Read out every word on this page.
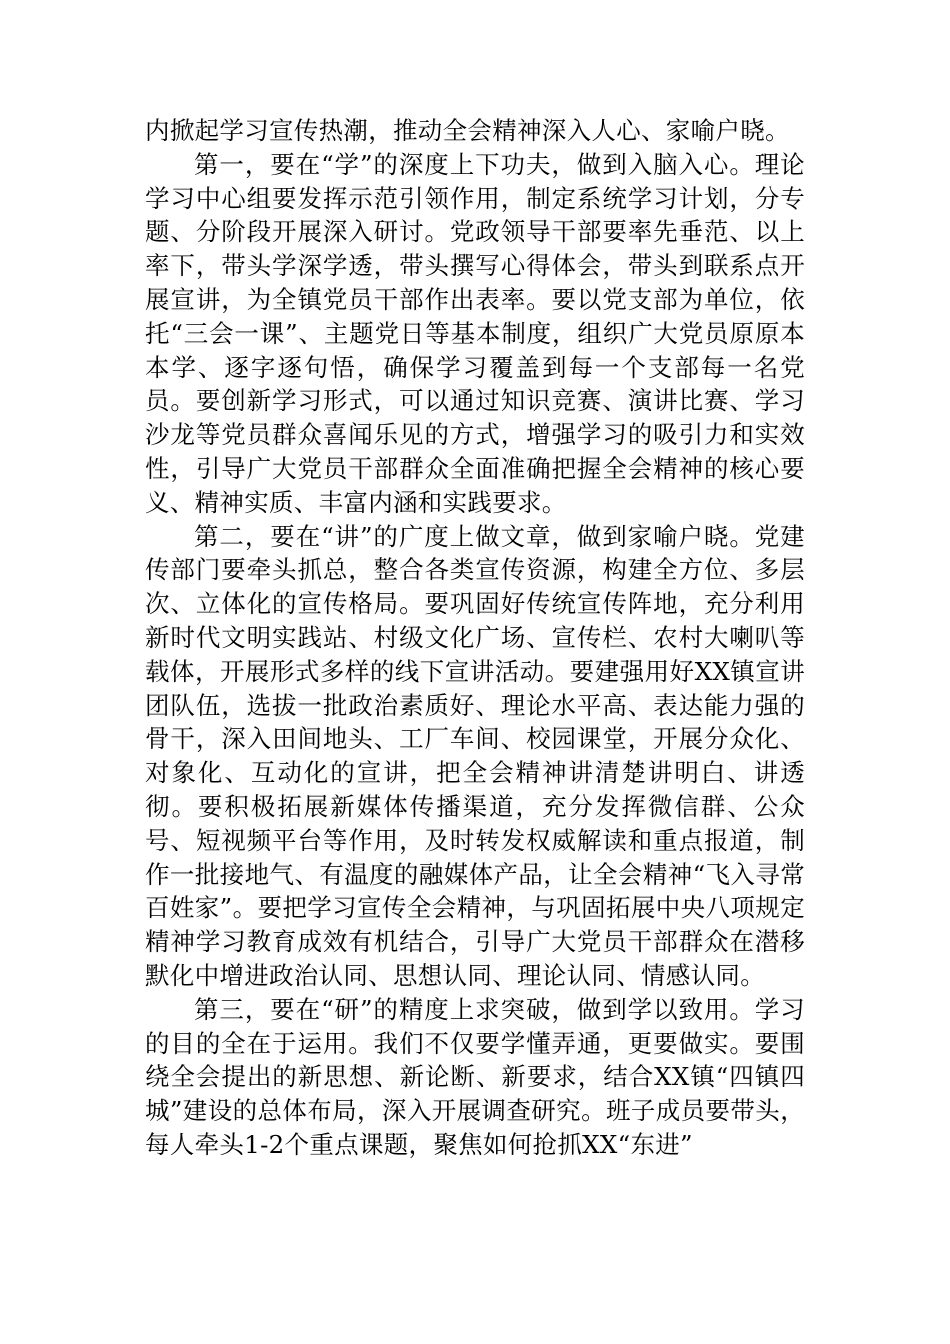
内掀起学习宣传热潮，推动全会精神深入人心、家喻户晓。

第一，要在“学”的深度上下功夫，做到入脑入心。理论学习中心组要发挥示范引领作用，制定系统学习计划，分专题、分阶段开展深入研讨。党政领导干部要率先垂范、以上率下，带头学深学透，带头撰写心得体会，带头到联系点开展宣讲，为全镇党员干部作出表率。要以党支部为单位，依托“三会一课”、主题党日等基本制度，组织广大党员原原本本学、逐字逐句悟，确保学习覆盖到每一个支部每一名党员。要创新学习形式，可以通过知识竞赛、演讲比赛、学习沙龙等党员群众喜闻乐见的方式，增强学习的吸引力和实效性，引导广大党员干部群众全面准确把握全会精神的核心要义、精神实质、丰富内涵和实践要求。

第二，要在“讲”的广度上做文章，做到家喻户晓。党建传部门要牵头抓总，整合各类宣传资源，构建全方位、多层次、立体化的宣传格局。要巩固好传统宣传阵地，充分利用新时代文明实践站、村级文化广场、宣传栏、农村大喇叭等载体，开展形式多样的线下宣讲活动。要建强用好XX镇宣讲团队伍，选拔一批政治素质好、理论水平高、表达能力强的骨干，深入田间地头、工厂车间、校园课堂，开展分众化、对象化、互动化的宣讲，把全会精神讲清楚讲明白、讲透彻。要积极拓展新媒体传播渠道，充分发挥微信群、公众号、短视频平台等作用，及时转发权威解读和重点报道，制作一批接地气、有温度的融媒体产品，让全会精神“飞入寻常百姓家”。要把学习宣传全会精神，与巩固拓展中央八项规定精神学习教育成效有机结合，引导广大党员干部群众在潜移默化中增进政治认同、思想认同、理论认同、情感认同。

第三，要在“研”的精度上求突破，做到学以致用。学习的目的全在于运用。我们不仅要学懂弄通，更要做实。要围绕全会提出的新思想、新论断、新要求，结合XX镇“四镇四城”建设的总体布局，深入开展调查研究。班子成员要带头，每人牵头1-2个重点课题，聚焦如何抢抓XX“东进”
